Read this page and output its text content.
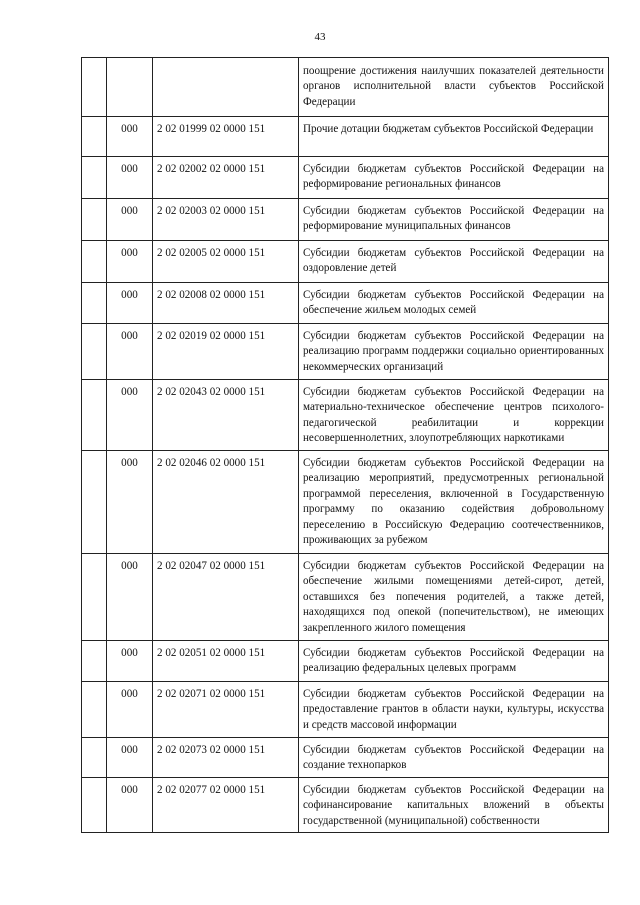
43
			поощрение достижения наилучших показателей деятельности органов исполнительной власти субъектов Российской Федерации
	000	2 02 01999 02 0000 151	Прочие дотации бюджетам субъектов Российской Федерации
	000	2 02 02002 02 0000 151	Субсидии бюджетам субъектов Российской Федерации на реформирование региональных финансов
	000	2 02 02003 02 0000 151	Субсидии бюджетам субъектов Российской Федерации на реформирование муниципальных финансов
	000	2 02 02005 02 0000 151	Субсидии бюджетам субъектов Российской Федерации на оздоровление детей
	000	2 02 02008 02 0000 151	Субсидии бюджетам субъектов Российской Федерации на обеспечение жильем молодых семей
	000	2 02 02019 02 0000 151	Субсидии бюджетам субъектов Российской Федерации на реализацию программ поддержки социально ориентированных некоммерческих организаций
	000	2 02 02043 02 0000 151	Субсидии бюджетам субъектов Российской Федерации на материально-техническое обеспечение центров психолого-педагогической реабилитации и коррекции несовершеннолетних, злоупотребляющих наркотиками
	000	2 02 02046 02 0000 151	Субсидии бюджетам субъектов Российской Федерации на реализацию мероприятий, предусмотренных региональной программой переселения, включенной в Государственную программу по оказанию содействия добровольному переселению в Российскую Федерацию соотечественников, проживающих за рубежом
	000	2 02 02047 02 0000 151	Субсидии бюджетам субъектов Российской Федерации на обеспечение жилыми помещениями детей-сирот, детей, оставшихся без попечения родителей, а также детей, находящихся под опекой (попечительством), не имеющих закрепленного жилого помещения
	000	2 02 02051 02 0000 151	Субсидии бюджетам субъектов Российской Федерации на реализацию федеральных целевых программ
	000	2 02 02071 02 0000 151	Субсидии бюджетам субъектов Российской Федерации на предоставление грантов в области науки, культуры, искусства и средств массовой информации
	000	2 02 02073 02 0000 151	Субсидии бюджетам субъектов Российской Федерации на создание технопарков
	000	2 02 02077 02 0000 151	Субсидии бюджетам субъектов Российской Федерации на софинансирование капитальных вложений в объекты государственной (муниципальной) собственности
